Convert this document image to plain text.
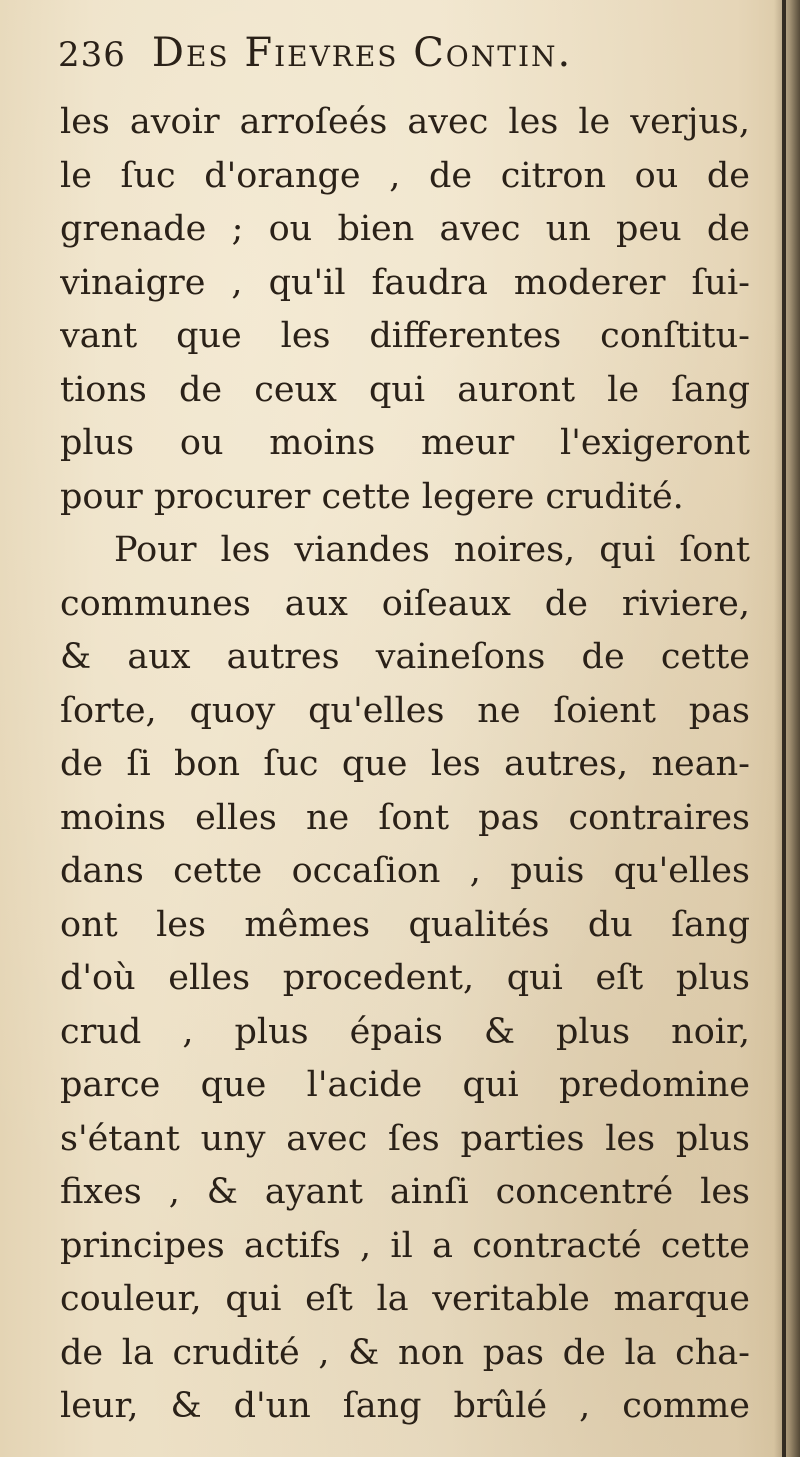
236 Des Fievres Contin.
les avoir arroſeés avec les le verjus,
le ſuc d'orange , de citron ou de
grenade ; ou bien avec un peu de
vinaigre , qu'il faudra moderer ſui-
vant que les differentes conſtitu-
tions de ceux qui auront le ſang
plus ou moins meur l'exigeront
pour procurer cette legere crudité.
Pour les viandes noires, qui ſont
communes aux oiſeaux de riviere,
& aux autres vaineſons de cette
ſorte, quoy qu'elles ne ſoient pas
de ſi bon ſuc que les autres, nean-
moins elles ne ſont pas contraires
dans cette occaſion , puis qu'elles
ont les mêmes qualités du ſang
d'où elles procedent, qui eſt plus
crud , plus épais & plus noir,
parce que l'acide qui predomine
s'étant uny avec ſes parties les plus
fixes , & ayant ainſi concentré les
principes actifs , il a contracté cette
couleur, qui eſt la veritable marque
de la crudité , & non pas de la cha-
leur, & d'un ſang brûlé , comme
